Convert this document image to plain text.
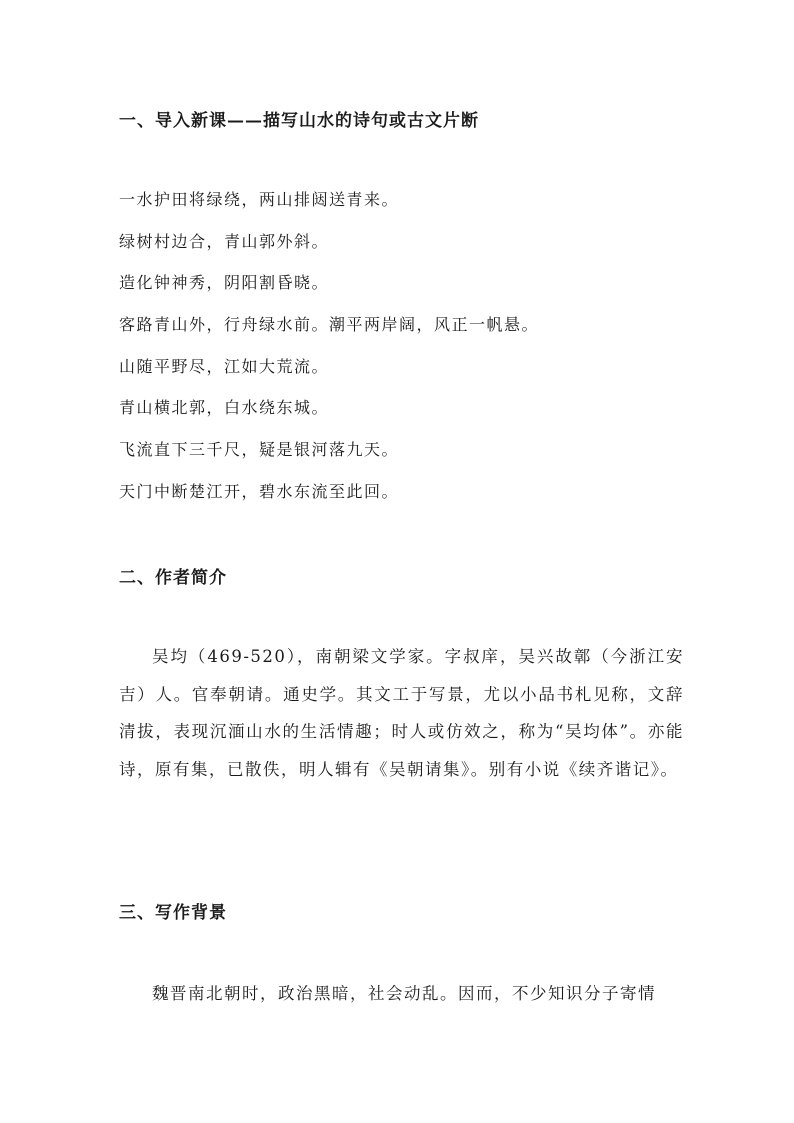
一、导入新课——描写山水的诗句或古文片断
一水护田将绿绕，两山排闼送青来。
绿树村边合，青山郭外斜。
造化钟神秀，阴阳割昏晓。
客路青山外，行舟绿水前。潮平两岸阔，风正一帆悬。
山随平野尽，江如大荒流。
青山横北郭，白水绕东城。
飞流直下三千尺，疑是银河落九天。
天门中断楚江开，碧水东流至此回。
二、作者简介

吴均（469-520），南朝梁文学家。字叔庠，吴兴故鄣（今浙江安吉）人。官奉朝请。通史学。其文工于写景，尤以小品书札见称，文辞清拔，表现沉湎山水的生活情趣；时人或仿效之，称为“吴均体”。亦能诗，原有集，已散佚，明人辑有《吴朝请集》。别有小说《续齐谐记》。

三、写作背景

魏晋南北朝时，政治黑暗，社会动乱。因而，不少知识分子寄情
